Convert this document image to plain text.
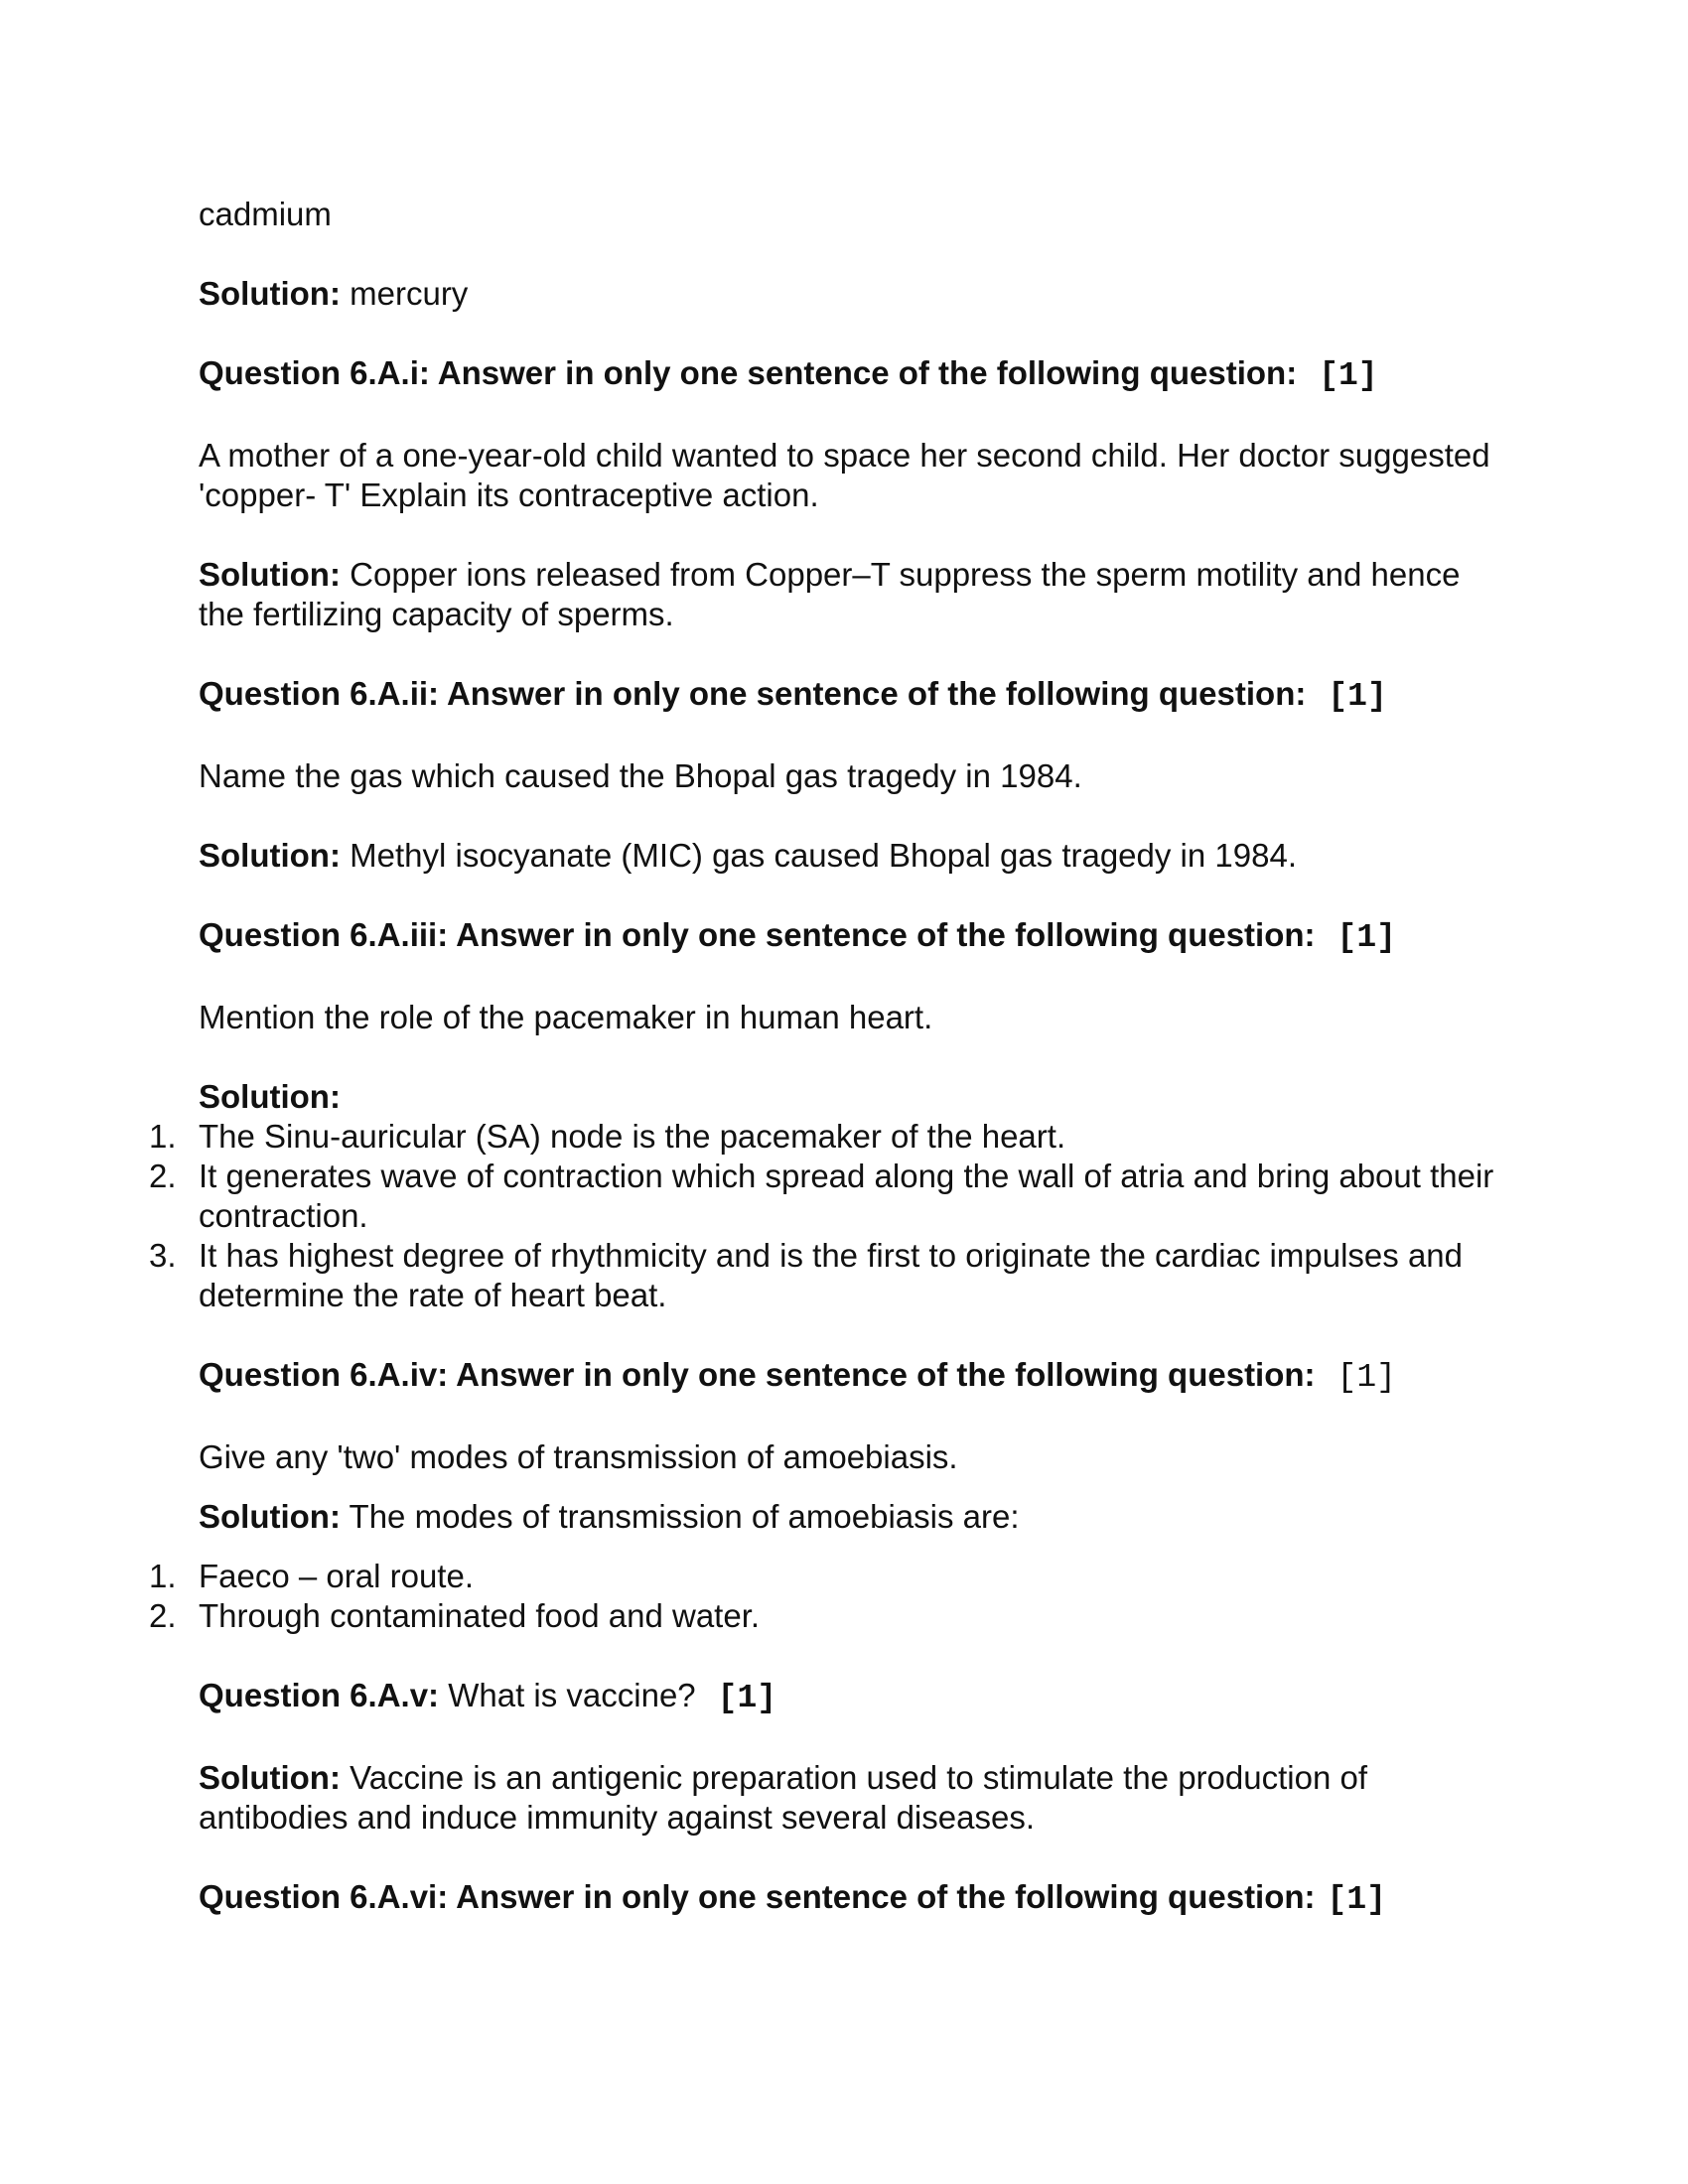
cadmium

Solution: mercury

Question 6.A.i: Answer in only one sentence of the following question: [1]

A mother of a one-year-old child wanted to space her second child. Her doctor suggested 'copper- T' Explain its contraceptive action.

Solution: Copper ions released from Copper–T suppress the sperm motility and hence the fertilizing capacity of sperms.

Question 6.A.ii: Answer in only one sentence of the following question: [1]

Name the gas which caused the Bhopal gas tragedy in 1984.

Solution: Methyl isocyanate (MIC) gas caused Bhopal gas tragedy in 1984.

Question 6.A.iii: Answer in only one sentence of the following question: [1]

Mention the role of the pacemaker in human heart.

Solution:

1. The Sinu-auricular (SA) node is the pacemaker of the heart.
2. It generates wave of contraction which spread along the wall of atria and bring about their contraction.
3. It has highest degree of rhythmicity and is the first to originate the cardiac impulses and determine the rate of heart beat.

Question 6.A.iv: Answer in only one sentence of the following question: [1]

Give any 'two' modes of transmission of amoebiasis.

Solution: The modes of transmission of amoebiasis are:

1. Faeco – oral route.
2. Through contaminated food and water.

Question 6.A.v: What is vaccine? [1]

Solution: Vaccine is an antigenic preparation used to stimulate the production of antibodies and induce immunity against several diseases.

Question 6.A.vi: Answer in only one sentence of the following question: [1]
